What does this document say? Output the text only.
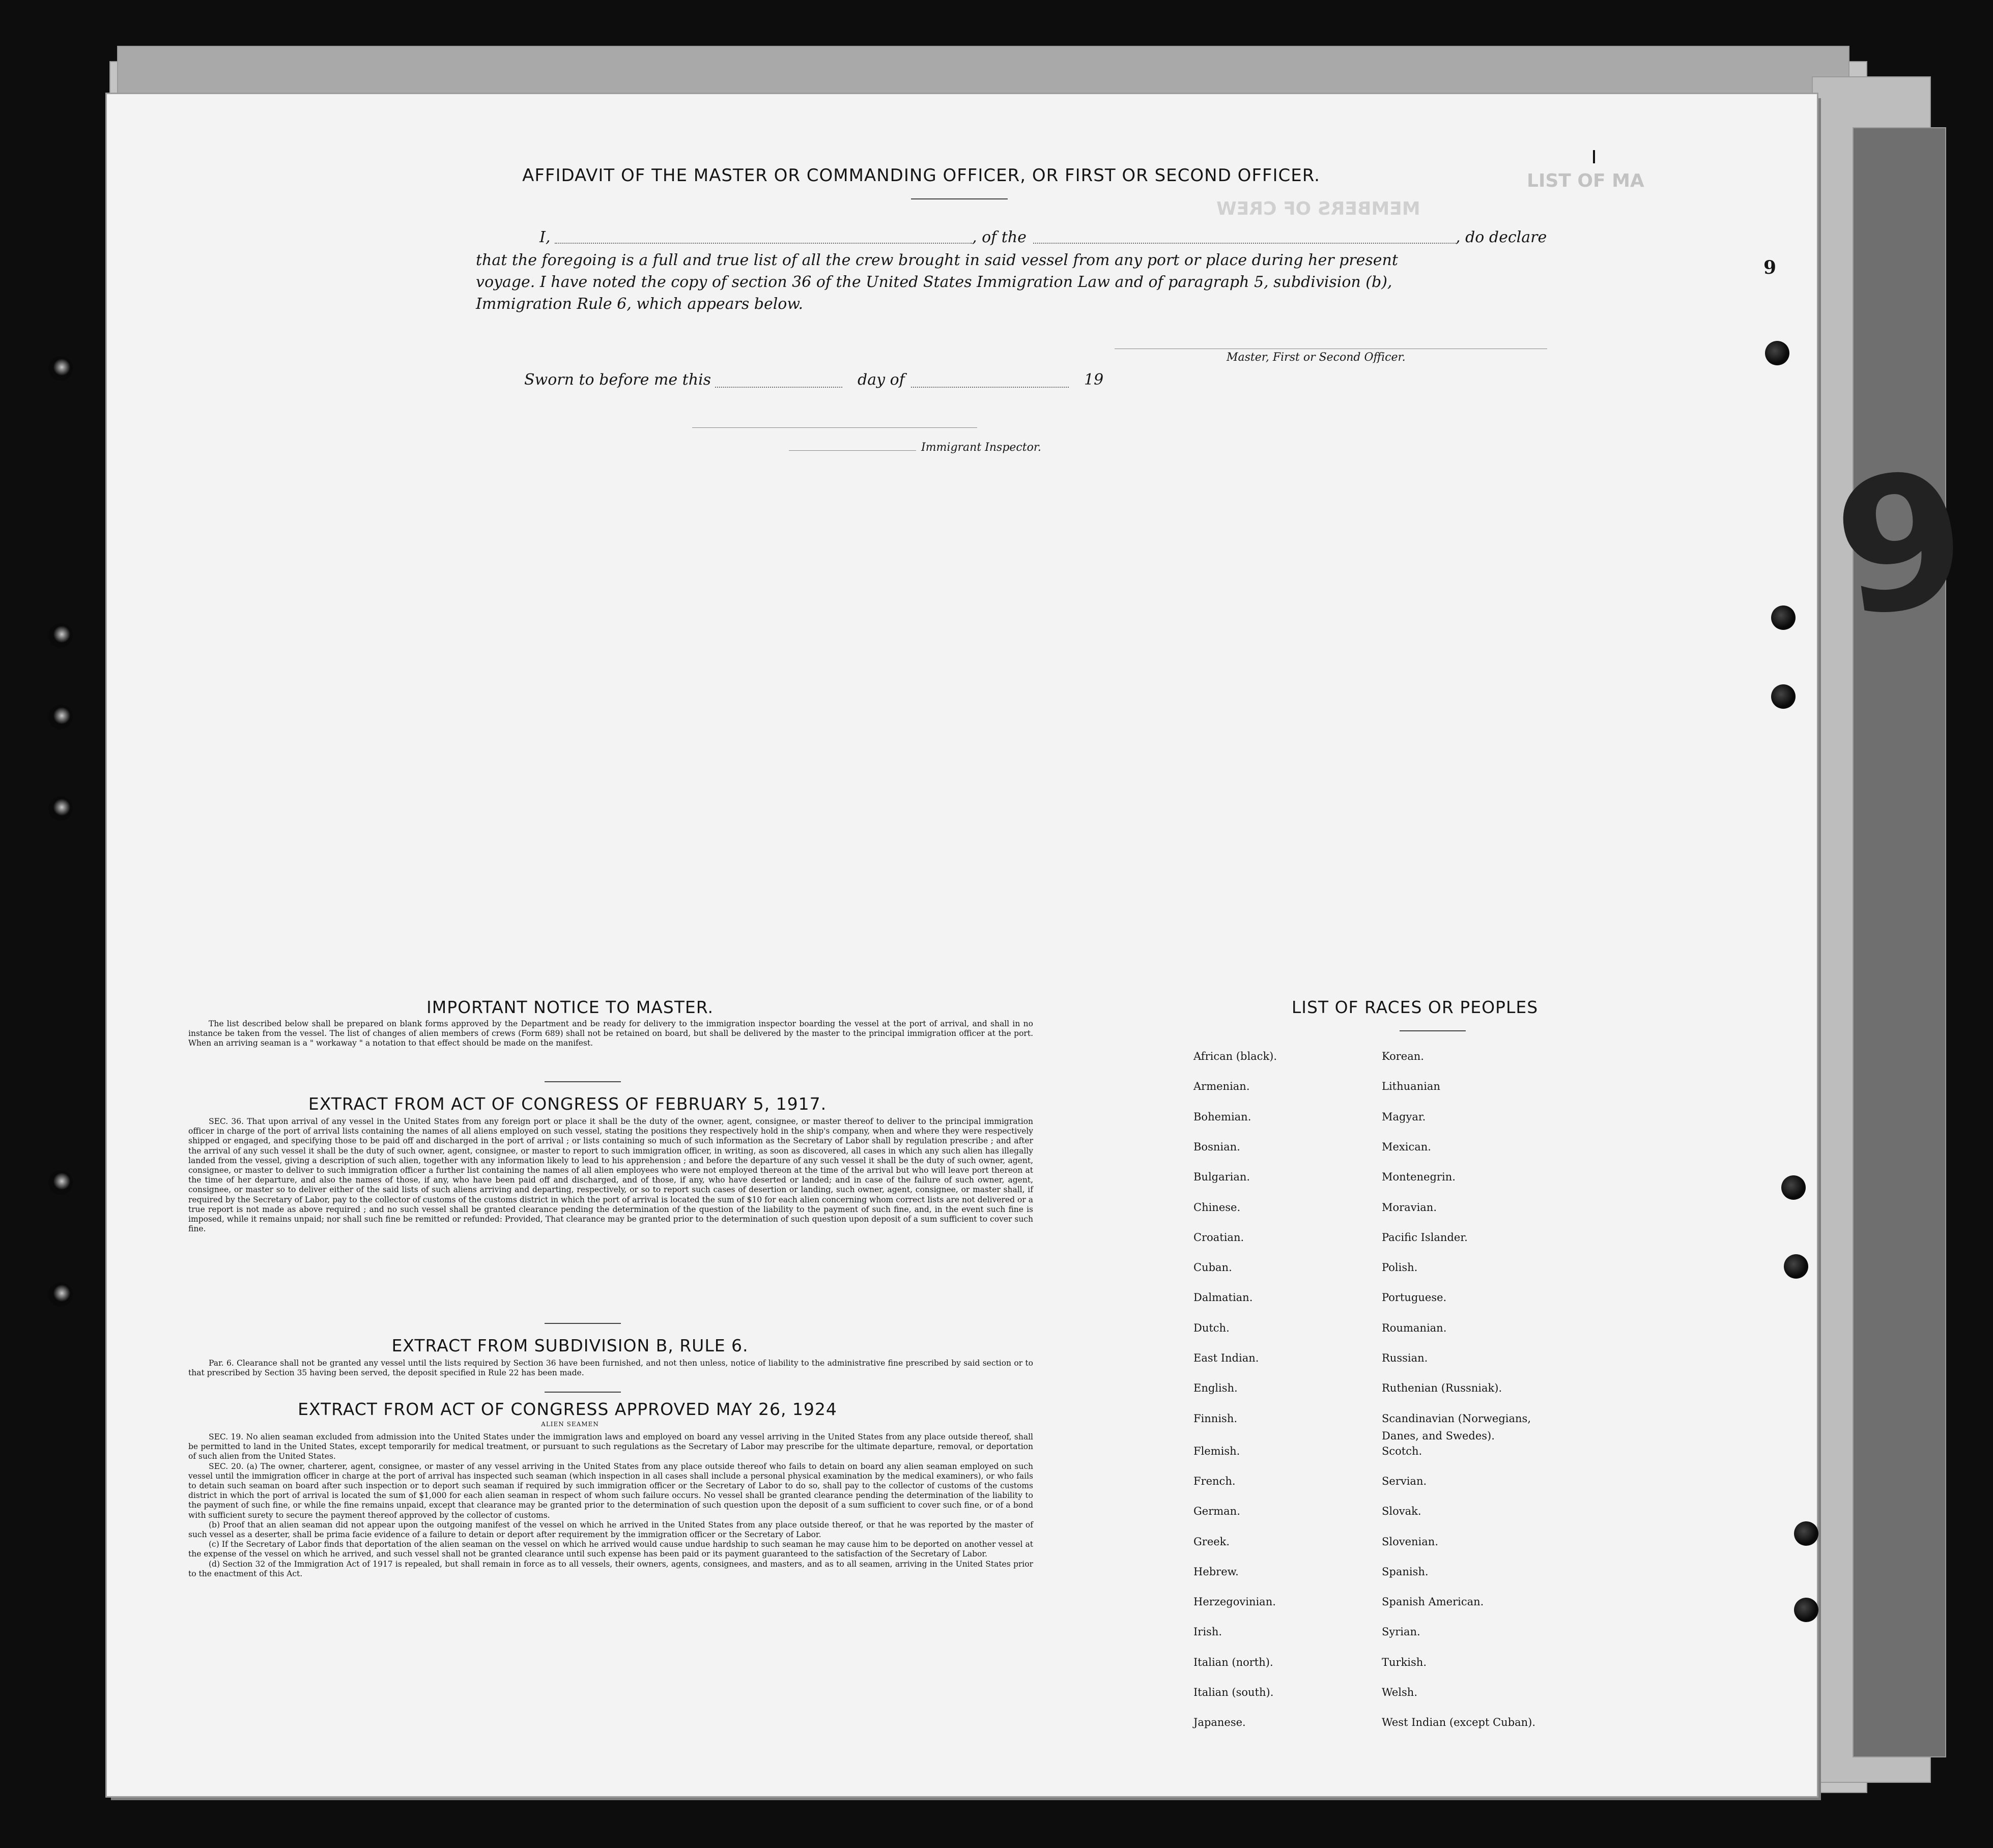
LIST OF MA
MEMBERS OF CREW
AFFIDAVIT OF THE MASTER OR COMMANDING OFFICER, OR FIRST OR SECOND OFFICER.
I,	, of the	, do declare
that the foregoing is a full and true list of all the crew brought in said vessel from any port or place during her present
voyage. I have noted the copy of section 36 of the United States Immigration Law and of paragraph 5, subdivision (b),
Immigration Rule 6, which appears below.
Master, First or Second Officer.
Sworn to before me this	day of	19
Immigrant Inspector.
IMPORTANT NOTICE TO MASTER.

The list described below shall be prepared on blank forms approved by the Department and be ready for delivery to the immigration inspector boarding the vessel at the port of arrival, and shall in no instance be taken from the vessel. The list of changes of alien members of crews (Form 689) shall not be retained on board, but shall be delivered by the master to the principal immigration officer at the port. When an arriving seaman is a " workaway " a notation to that effect should be made on the manifest.

EXTRACT FROM ACT OF CONGRESS OF FEBRUARY 5, 1917.

SEC. 36. That upon arrival of any vessel in the United States from any foreign port or place it shall be the duty of the owner, agent, consignee, or master thereof to deliver to the principal immigration officer in charge of the port of arrival lists containing the names of all aliens employed on such vessel, stating the positions they respectively hold in the ship's company, when and where they were respectively shipped or engaged, and specifying those to be paid off and discharged in the port of arrival ; or lists containing so much of such information as the Secretary of Labor shall by regulation prescribe ; and after the arrival of any such vessel it shall be the duty of such owner, agent, consignee, or master to report to such immigration officer, in writing, as soon as discovered, all cases in which any such alien has illegally landed from the vessel, giving a description of such alien, together with any information likely to lead to his apprehension ; and before the departure of any such vessel it shall be the duty of such owner, agent, consignee, or master to deliver to such immigration officer a further list containing the names of all alien employees who were not employed thereon at the time of the arrival but who will leave port thereon at the time of her departure, and also the names of those, if any, who have been paid off and discharged, and of those, if any, who have deserted or landed; and in case of the failure of such owner, agent, consignee, or master so to deliver either of the said lists of such aliens arriving and departing, respectively, or so to report such cases of desertion or landing, such owner, agent, consignee, or master shall, if required by the Secretary of Labor, pay to the collector of customs of the customs district in which the port of arrival is located the sum of $10 for each alien concerning whom correct lists are not delivered or a true report is not made as above required ; and no such vessel shall be granted clearance pending the determination of the question of the liability to the payment of such fine, and, in the event such fine is imposed, while it remains unpaid; nor shall such fine be remitted or refunded: Provided, That clearance may be granted prior to the determination of such question upon deposit of a sum sufficient to cover such fine.

EXTRACT FROM SUBDIVISION B, RULE 6.

Par. 6. Clearance shall not be granted any vessel until the lists required by Section 36 have been furnished, and not then unless, notice of liability to the administrative fine prescribed by said section or to that prescribed by Section 35 having been served, the deposit specified in Rule 22 has been made.

EXTRACT FROM ACT OF CONGRESS APPROVED MAY 26, 1924
ALIEN SEAMEN

SEC. 19. No alien seaman excluded from admission into the United States under the immigration laws and employed on board any vessel arriving in the United States from any place outside thereof, shall be permitted to land in the United States, except temporarily for medical treatment, or pursuant to such regulations as the Secretary of Labor may prescribe for the ultimate departure, removal, or deportation of such alien from the United States.

SEC. 20. (a) The owner, charterer, agent, consignee, or master of any vessel arriving in the United States from any place outside thereof who fails to detain on board any alien seaman employed on such vessel until the immigration officer in charge at the port of arrival has inspected such seaman (which inspection in all cases shall include a personal physical examination by the medical examiners), or who fails to detain such seaman on board after such inspection or to deport such seaman if required by such immigration officer or the Secretary of Labor to do so, shall pay to the collector of customs of the customs district in which the port of arrival is located the sum of $1,000 for each alien seaman in respect of whom such failure occurs. No vessel shall be granted clearance pending the determination of the liability to the payment of such fine, or while the fine remains unpaid, except that clearance may be granted prior to the determination of such question upon the deposit of a sum sufficient to cover such fine, or of a bond with sufficient surety to secure the payment thereof approved by the collector of customs.

(b) Proof that an alien seaman did not appear upon the outgoing manifest of the vessel on which he arrived in the United States from any place outside thereof, or that he was reported by the master of such vessel as a deserter, shall be prima facie evidence of a failure to detain or deport after requirement by the immigration officer or the Secretary of Labor.

(c) If the Secretary of Labor finds that deportation of the alien seaman on the vessel on which he arrived would cause undue hardship to such seaman he may cause him to be deported on another vessel at the expense of the vessel on which he arrived, and such vessel shall not be granted clearance until such expense has been paid or its payment guaranteed to the satisfaction of the Secretary of Labor.

(d) Section 32 of the Immigration Act of 1917 is repealed, but shall remain in force as to all vessels, their owners, agents, consignees, and masters, and as to all seamen, arriving in the United States prior to the enactment of this Act.

LIST OF RACES OR PEOPLES
Danes, and Swedes).
African (black).
Armenian.
Bohemian.
Bosnian.
Bulgarian.
Chinese.
Croatian.
Cuban.
Dalmatian.
Dutch.
East Indian.
English.
Finnish.
Flemish.
French.
German.
Greek.
Hebrew.
Herzegovinian.
Irish.
Italian (north).
Italian (south).
Japanese.
Korean.
Lithuanian
Magyar.
Mexican.
Montenegrin.
Moravian.
Pacific Islander.
Polish.
Portuguese.
Roumanian.
Russian.
Ruthenian (Russniak).
Scandinavian (Norwegians,
Scotch.
Servian.
Slovak.
Slovenian.
Spanish.
Spanish American.
Syrian.
Turkish.
Welsh.
West Indian (except Cuban).
9
9
